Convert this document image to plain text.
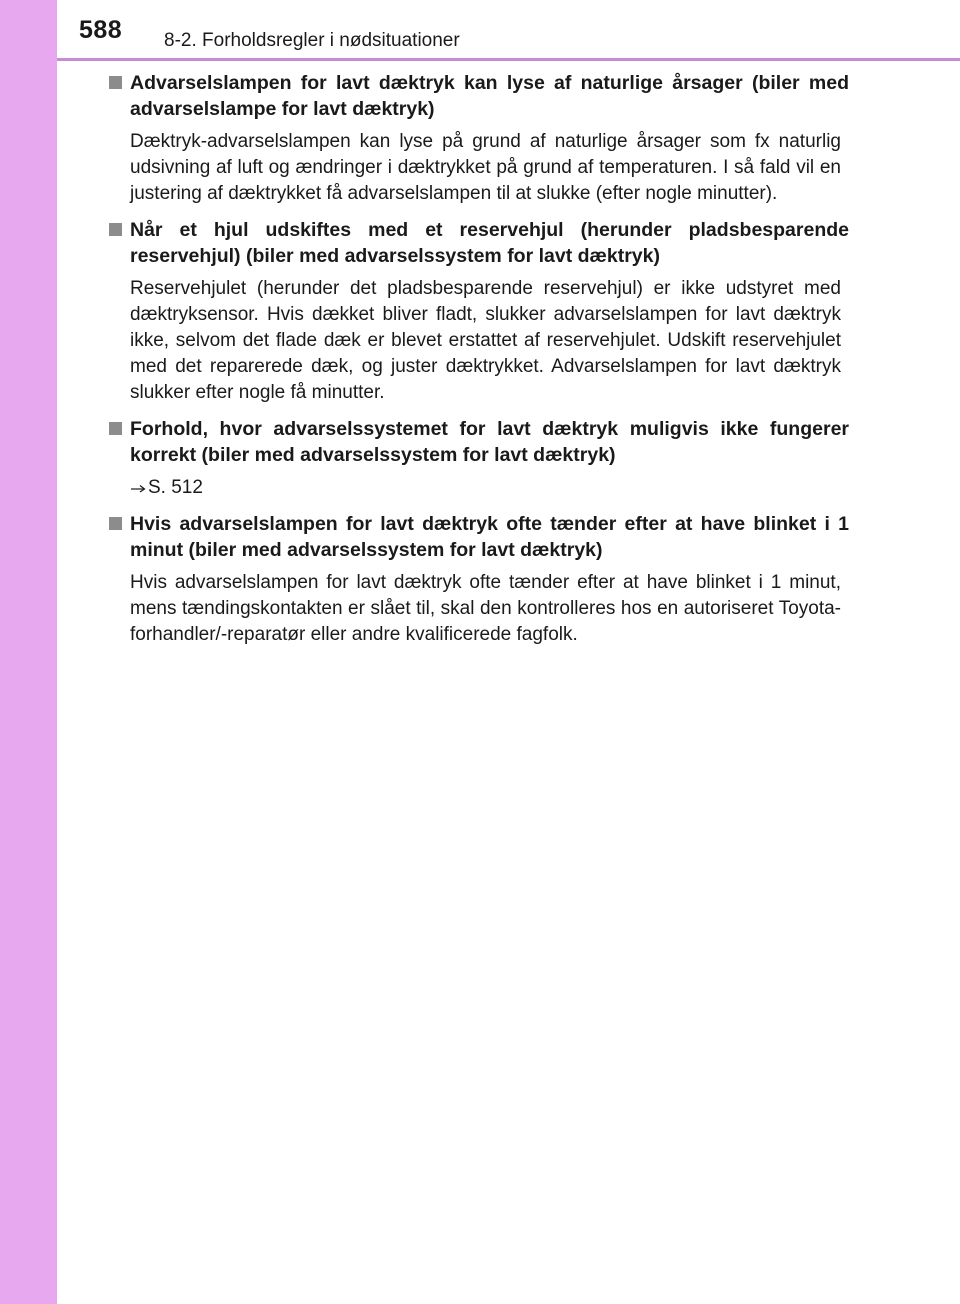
588 8-2. Forholdsregler i nødsituationer
Advarselslampen for lavt dæktryk kan lyse af naturlige årsager (biler med advarselslampe for lavt dæktryk)
Dæktryk-advarselslampen kan lyse på grund af naturlige årsager som fx naturlig udsivning af luft og ændringer i dæktrykket på grund af temperaturen. I så fald vil en justering af dæktrykket få advarselslampen til at slukke (efter nogle minutter).
Når et hjul udskiftes med et reservehjul (herunder pladsbesparende reservehjul) (biler med advarselssystem for lavt dæktryk)
Reservehjulet (herunder det pladsbesparende reservehjul) er ikke udstyret med dæktryksensor. Hvis dækket bliver fladt, slukker advarselslampen for lavt dæktryk ikke, selvom det flade dæk er blevet erstattet af reservehjulet. Udskift reservehjulet med det reparerede dæk, og juster dæktrykket. Advarselslampen for lavt dæktryk slukker efter nogle få minutter.
Forhold, hvor advarselssystemet for lavt dæktryk muligvis ikke fungerer korrekt (biler med advarselssystem for lavt dæktryk)
S. 512
Hvis advarselslampen for lavt dæktryk ofte tænder efter at have blinket i 1 minut (biler med advarselssystem for lavt dæktryk)
Hvis advarselslampen for lavt dæktryk ofte tænder efter at have blinket i 1 minut, mens tændingskontakten er slået til, skal den kontrolleres hos en autoriseret Toyota-forhandler/-reparatør eller andre kvalificerede fagfolk.
